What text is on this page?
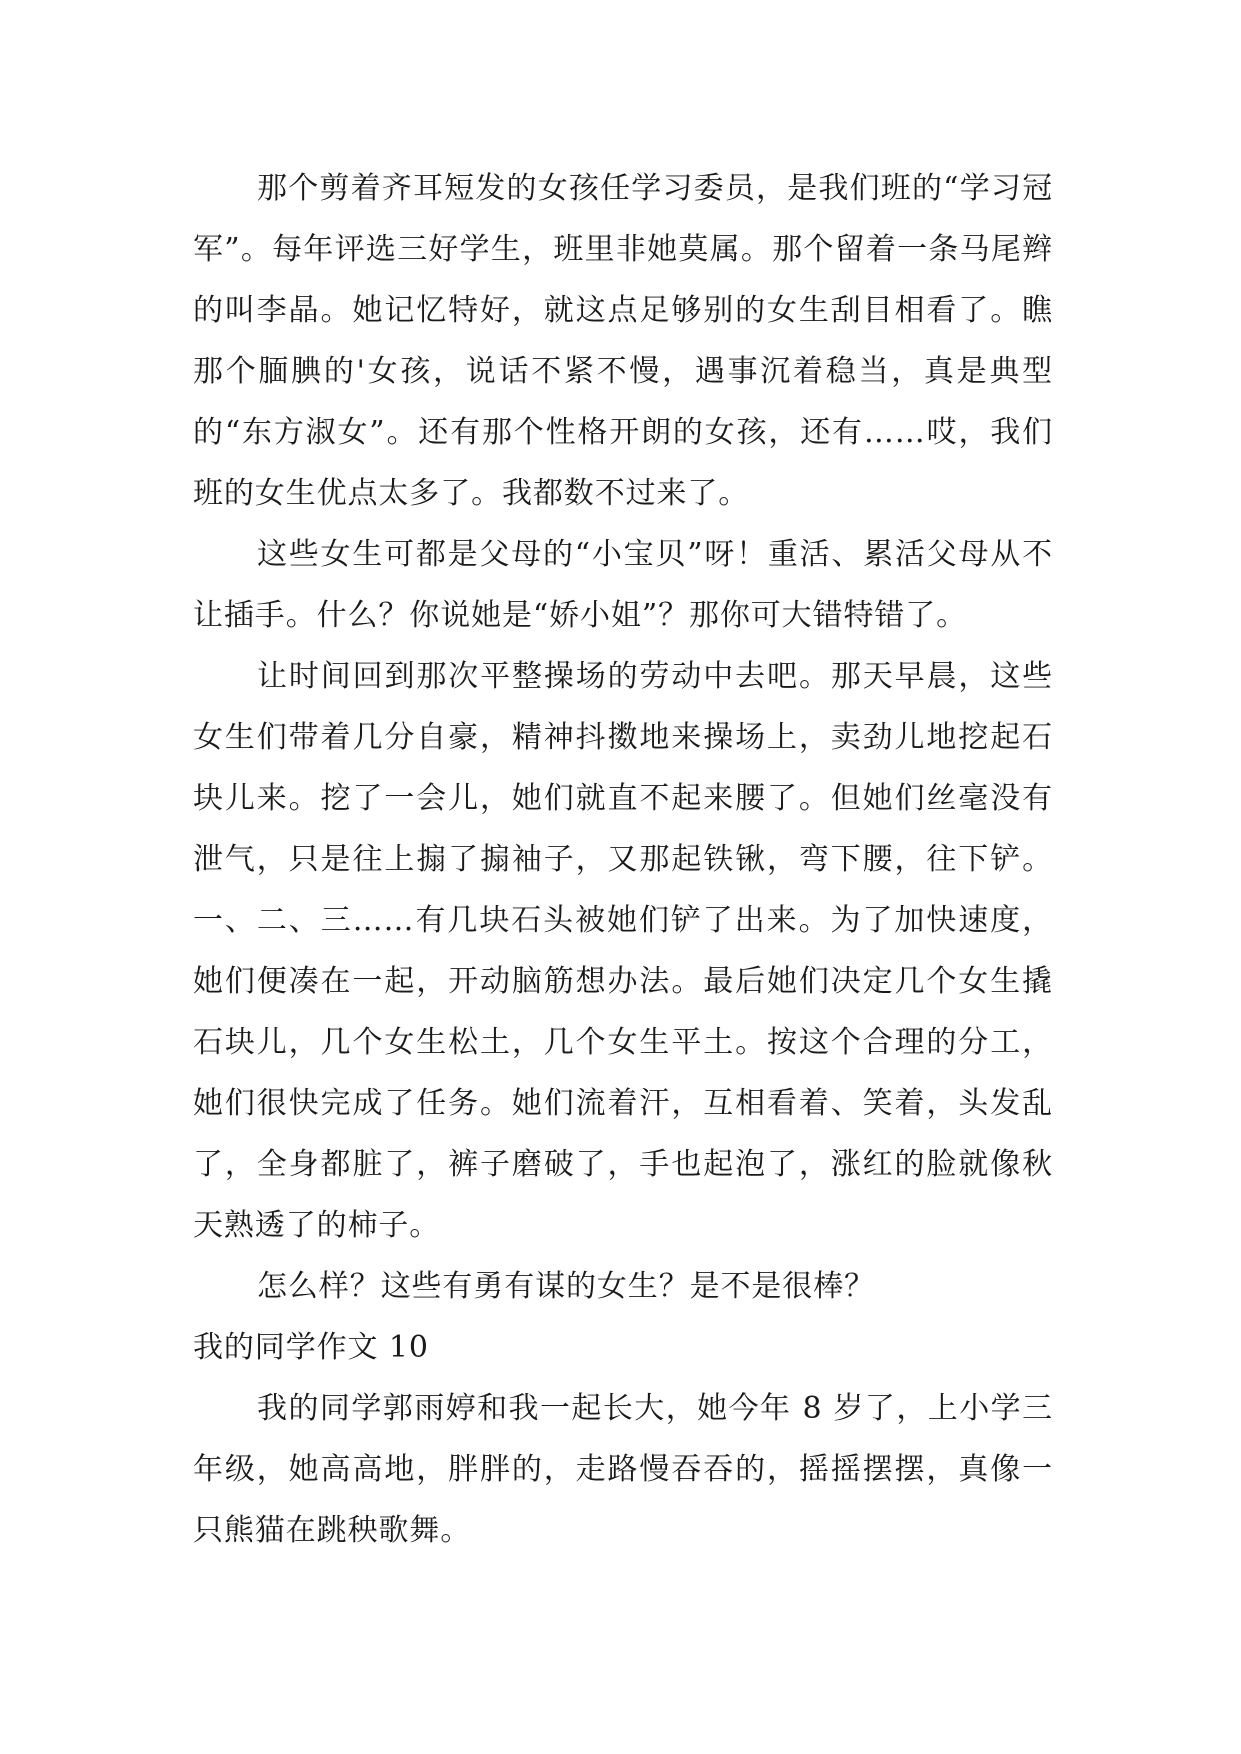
那个剪着齐耳短发的女孩任学习委员，是我们班的“学习冠军”。每年评选三好学生，班里非她莫属。那个留着一条马尾辫的叫李晶。她记忆特好，就这点足够别的女生刮目相看了。瞧那个腼腆的'女孩，说话不紧不慢，遇事沉着稳当，真是典型的“东方淑女”。还有那个性格开朗的女孩，还有……哎，我们班的女生优点太多了。我都数不过来了。

这些女生可都是父母的“小宝贝”呀！重活、累活父母从不让插手。什么？你说她是“娇小姐”？那你可大错特错了。

让时间回到那次平整操场的劳动中去吧。那天早晨，这些女生们带着几分自豪，精神抖擞地来操场上，卖劲儿地挖起石块儿来。挖了一会儿，她们就直不起来腰了。但她们丝毫没有泄气，只是往上搧了搧袖子，又那起铁锹，弯下腰，往下铲。一、二、三……有几块石头被她们铲了出来。为了加快速度，她们便凑在一起，开动脑筋想办法。最后她们决定几个女生撬石块儿，几个女生松土，几个女生平土。按这个合理的分工，她们很快完成了任务。她们流着汗，互相看着、笑着，头发乱了，全身都脏了，裤子磨破了，手也起泡了，涨红的脸就像秋天熟透了的柿子。

怎么样？这些有勇有谋的女生？是不是很棒？

我的同学作文 10

我的同学郭雨婷和我一起长大，她今年 8 岁了，上小学三年级，她高高地，胖胖的，走路慢吞吞的，摇摇摆摆，真像一只熊猫在跳秧歌舞。
